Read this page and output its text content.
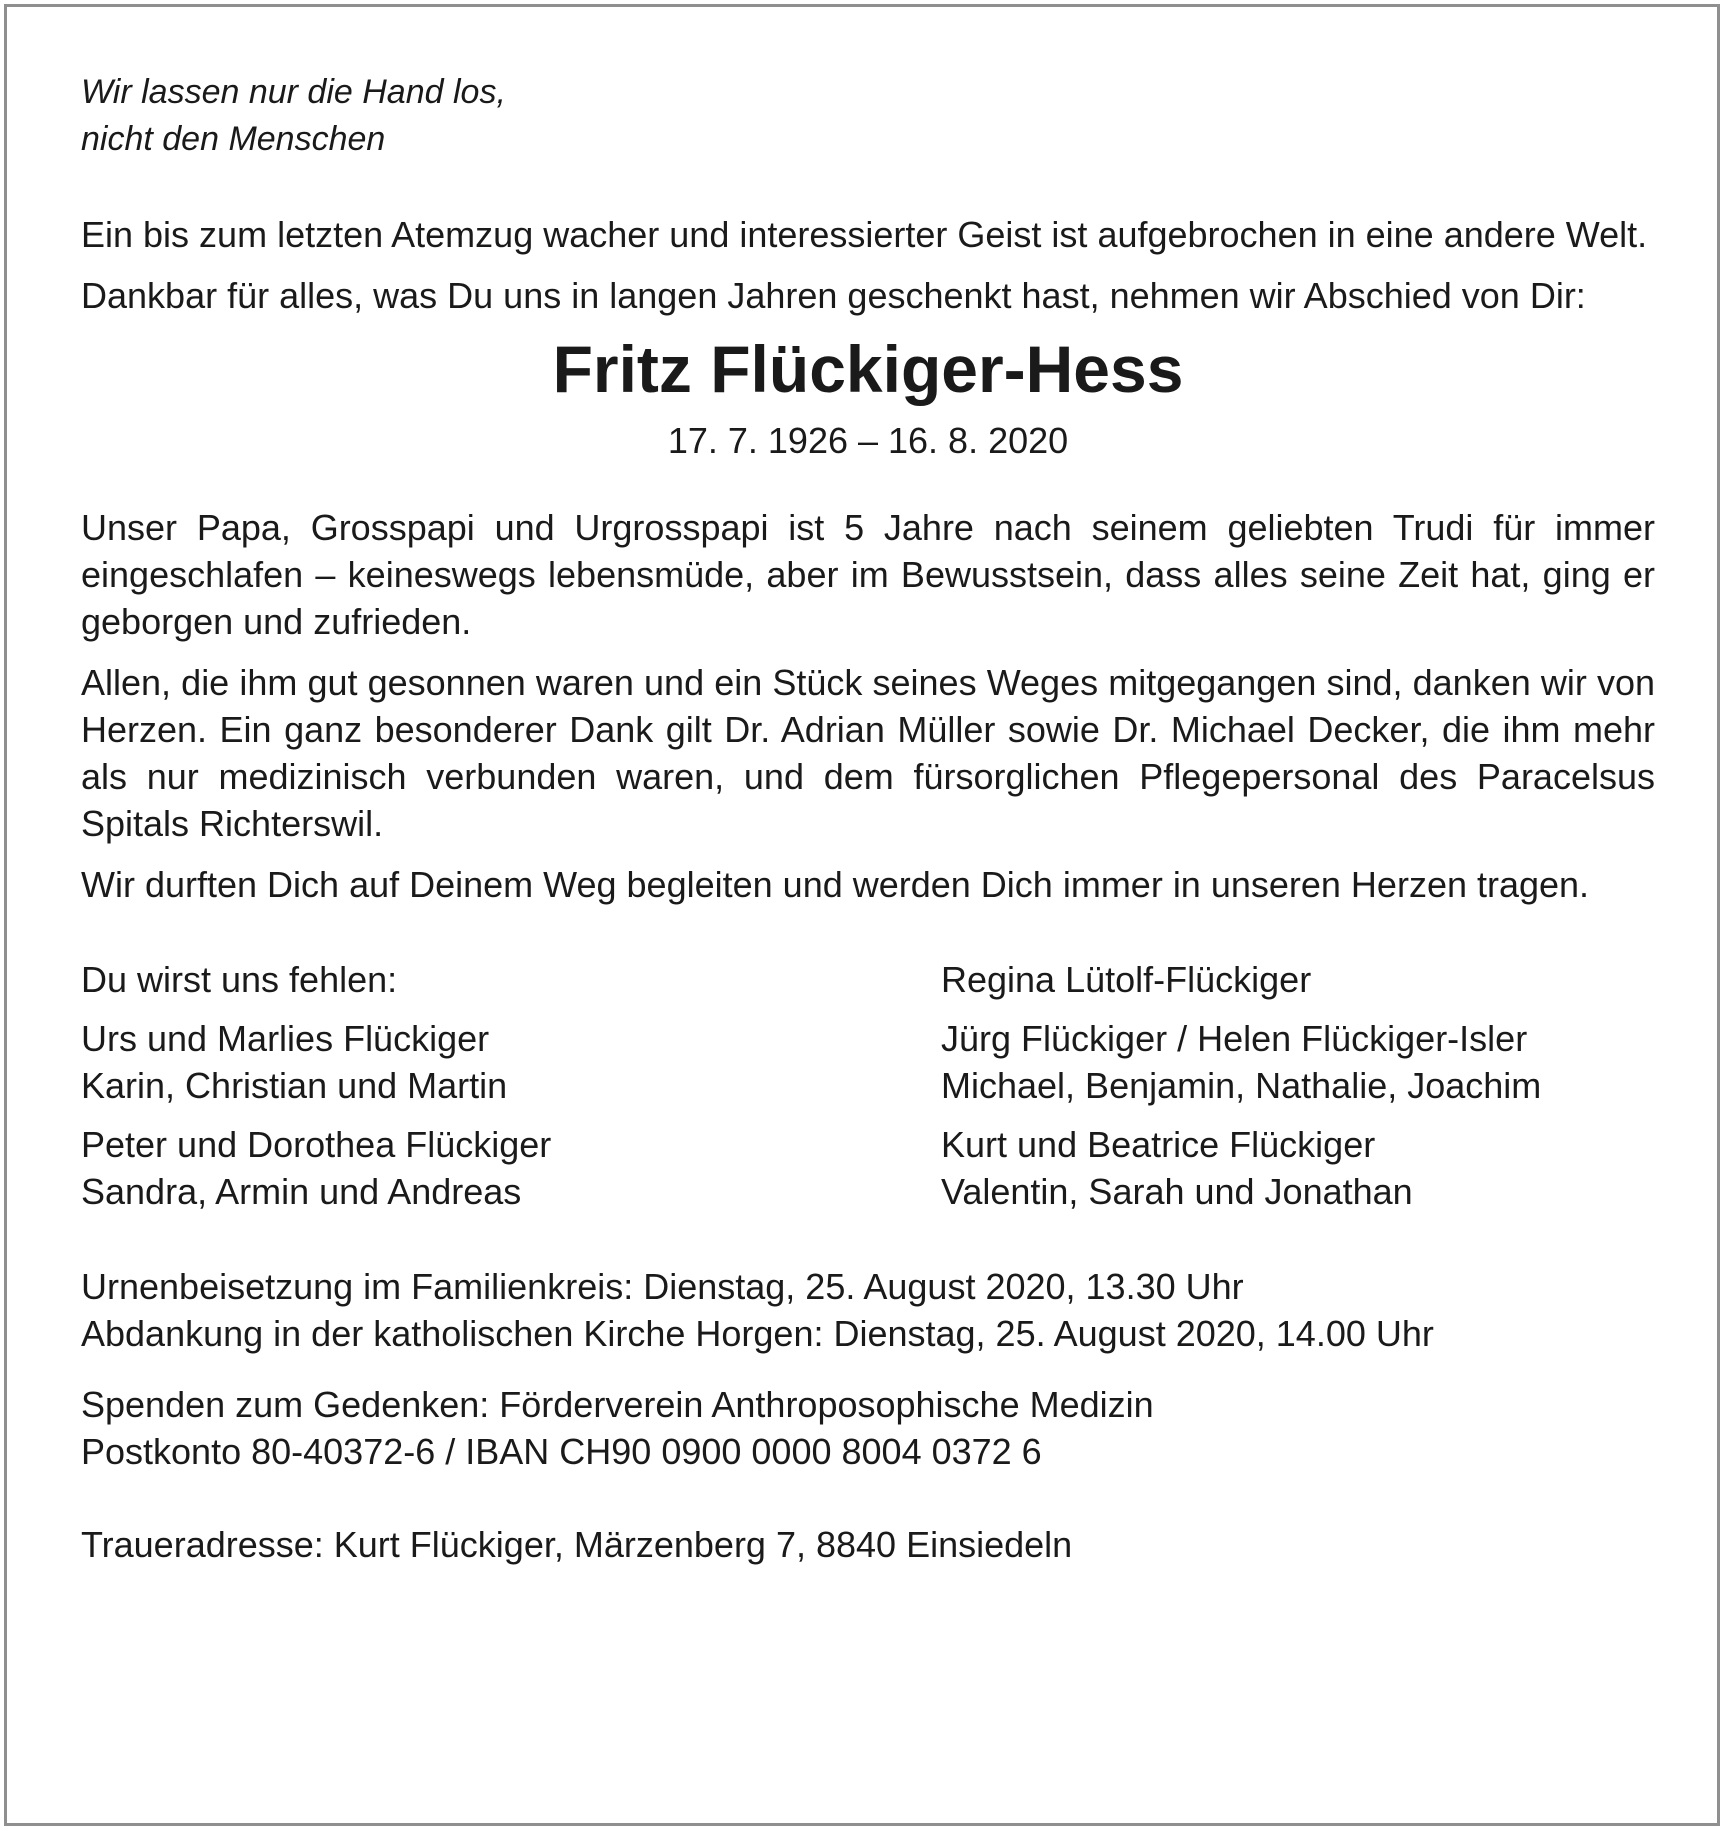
Wir lassen nur die Hand los,

nicht den Menschen

Ein bis zum letzten Atemzug wacher und interessierter Geist ist aufgebrochen in eine andere Welt.

Dankbar für alles, was Du uns in langen Jahren geschenkt hast, nehmen wir Abschied von Dir:

Fritz Flückiger-Hess

17. 7. 1926 – 16. 8. 2020

Unser Papa, Grosspapi und Urgrosspapi ist 5 Jahre nach seinem geliebten Trudi für immer eingeschlafen – keineswegs lebensmüde, aber im Bewusstsein, dass alles seine Zeit hat, ging er geborgen und zufrieden.

Allen, die ihm gut gesonnen waren und ein Stück seines Weges mitgegangen sind, danken wir von Herzen. Ein ganz besonderer Dank gilt Dr. Adrian Müller sowie Dr. Michael Decker, die ihm mehr als nur medizinisch verbunden waren, und dem fürsorglichen Pflegepersonal des Paracelsus Spitals Richterswil.

Wir durften Dich auf Deinem Weg begleiten und werden Dich immer in unseren Herzen tragen.

Du wirst uns fehlen:

Urs und Marlies Flückiger

Karin, Christian und Martin

Peter und Dorothea Flückiger

Sandra, Armin und Andreas

Regina Lütolf-Flückiger

Jürg Flückiger / Helen Flückiger-Isler

Michael, Benjamin, Nathalie, Joachim

Kurt und Beatrice Flückiger

Valentin, Sarah und Jonathan

Urnenbeisetzung im Familienkreis: Dienstag, 25. August 2020, 13.30 Uhr

Abdankung in der katholischen Kirche Horgen: Dienstag, 25. August 2020, 14.00 Uhr

Spenden zum Gedenken: Förderverein Anthroposophische Medizin

Postkonto 80-40372-6 / IBAN CH90 0900 0000 8004 0372 6

Traueradresse: Kurt Flückiger, Märzenberg 7, 8840 Einsiedeln
